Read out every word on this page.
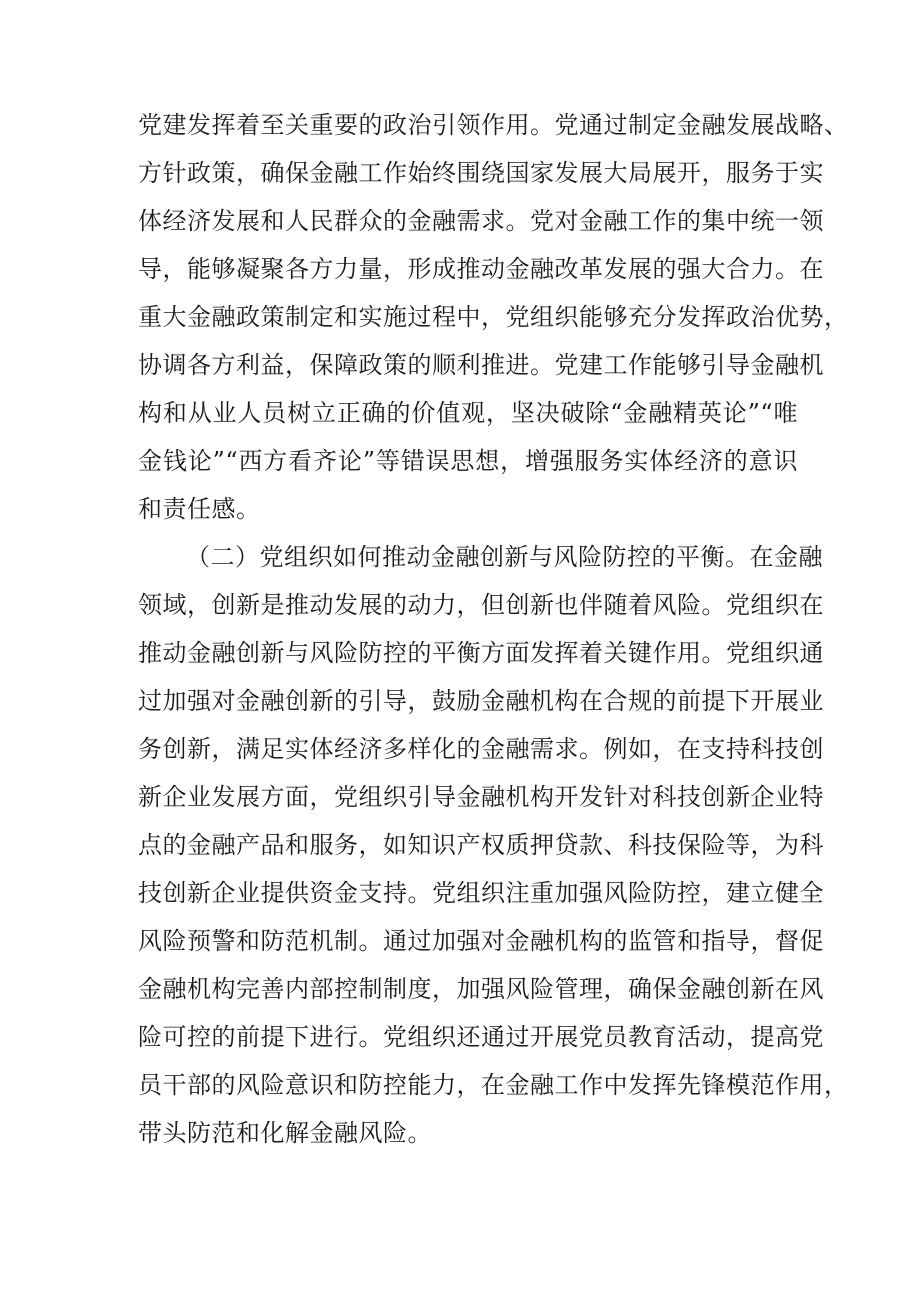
党建发挥着至关重要的政治引领作用。党通过制定金融发展战略、
方针政策，确保金融工作始终围绕国家发展大局展开，服务于实
体经济发展和人民群众的金融需求。党对金融工作的集中统一领
导，能够凝聚各方力量，形成推动金融改革发展的强大合力。在
重大金融政策制定和实施过程中，党组织能够充分发挥政治优势，
协调各方利益，保障政策的顺利推进。党建工作能够引导金融机
构和从业人员树立正确的价值观，坚决破除“金融精英论”“唯
金钱论”“西方看齐论”等错误思想，增强服务实体经济的意识
和责任感。
（二）党组织如何推动金融创新与风险防控的平衡。在金融
领域，创新是推动发展的动力，但创新也伴随着风险。党组织在
推动金融创新与风险防控的平衡方面发挥着关键作用。党组织通
过加强对金融创新的引导，鼓励金融机构在合规的前提下开展业
务创新，满足实体经济多样化的金融需求。例如，在支持科技创
新企业发展方面，党组织引导金融机构开发针对科技创新企业特
点的金融产品和服务，如知识产权质押贷款、科技保险等，为科
技创新企业提供资金支持。党组织注重加强风险防控，建立健全
风险预警和防范机制。通过加强对金融机构的监管和指导，督促
金融机构完善内部控制制度，加强风险管理，确保金融创新在风
险可控的前提下进行。党组织还通过开展党员教育活动，提高党
员干部的风险意识和防控能力，在金融工作中发挥先锋模范作用，
带头防范和化解金融风险。
